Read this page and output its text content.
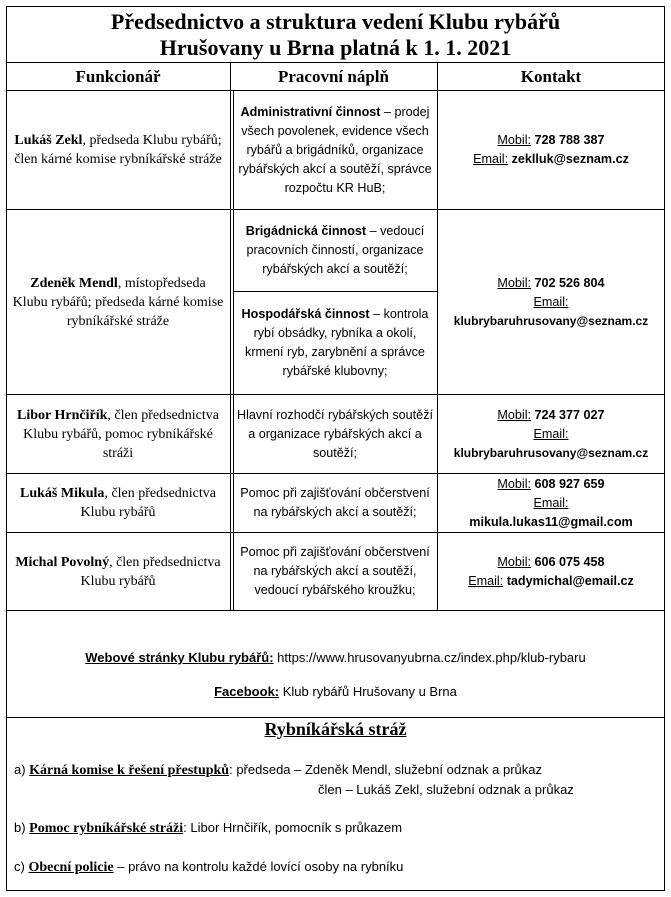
Předsednictvo a struktura vedení Klubu rybářů
Hrušovany u Brna platná k 1. 1. 2021
Funkcionář	Pracovní náplň	Kontakt
Lukáš Zekl, předseda Klubu rybářů; člen kárné komise rybníkářské stráže
Administrativní činnost – prodej všech povolenek, evidence všech rybářů a brigádníků, organizace rybářských akcí a soutěží, správce rozpočtu KR HuB;
Mobil: 728 788 387
Email: zeklluk@seznam.cz
Zdeněk Mendl, místopředseda Klubu rybářů; předseda kárné komise rybníkářské stráže
Brigádnická činnost – vedoucí pracovních činností, organizace rybářských akcí a soutěží;
Hospodářská činnost – kontrola rybí obsádky, rybníka a okolí, krmení ryb, zarybnění a správce rybářské klubovny;
Mobil: 702 526 804
Email:
klubrybaruhrusovany@seznam.cz
Libor Hrnčiřík, člen předsednictva Klubu rybářů, pomoc rybníkářské stráži
Hlavní rozhodčí rybářských soutěží a organizace rybářských akcí a soutěží;
Mobil: 724 377 027
Email:
klubrybaruhrusovany@seznam.cz
Lukáš Mikula, člen předsednictva Klubu rybářů
Pomoc při zajišťování občerstvení na rybářských akcí a soutěží;
Mobil: 608 927 659
Email:
mikula.lukas11@gmail.com
Michal Povolný, člen předsednictva Klubu rybářů
Pomoc při zajišťování občerstvení na rybářských akcí a soutěží, vedoucí rybářského kroužku;
Mobil: 606 075 458
Email: tadymichal@email.cz
Webové stránky Klubu rybářů: https://www.hrusovanyubrna.cz/index.php/klub-rybaru
Facebook: Klub rybářů Hrušovany u Brna
Rybníkářská stráž
a) Kárná komise k řešení přestupků: předseda – Zdeněk Mendl, služební odznak a průkaz
člen – Lukáš Zekl, služební odznak a průkaz
b) Pomoc rybníkářské stráži: Libor Hrnčiřík, pomocník s průkazem
c) Obecní policie – právo na kontrolu každé lovící osoby na rybníku
